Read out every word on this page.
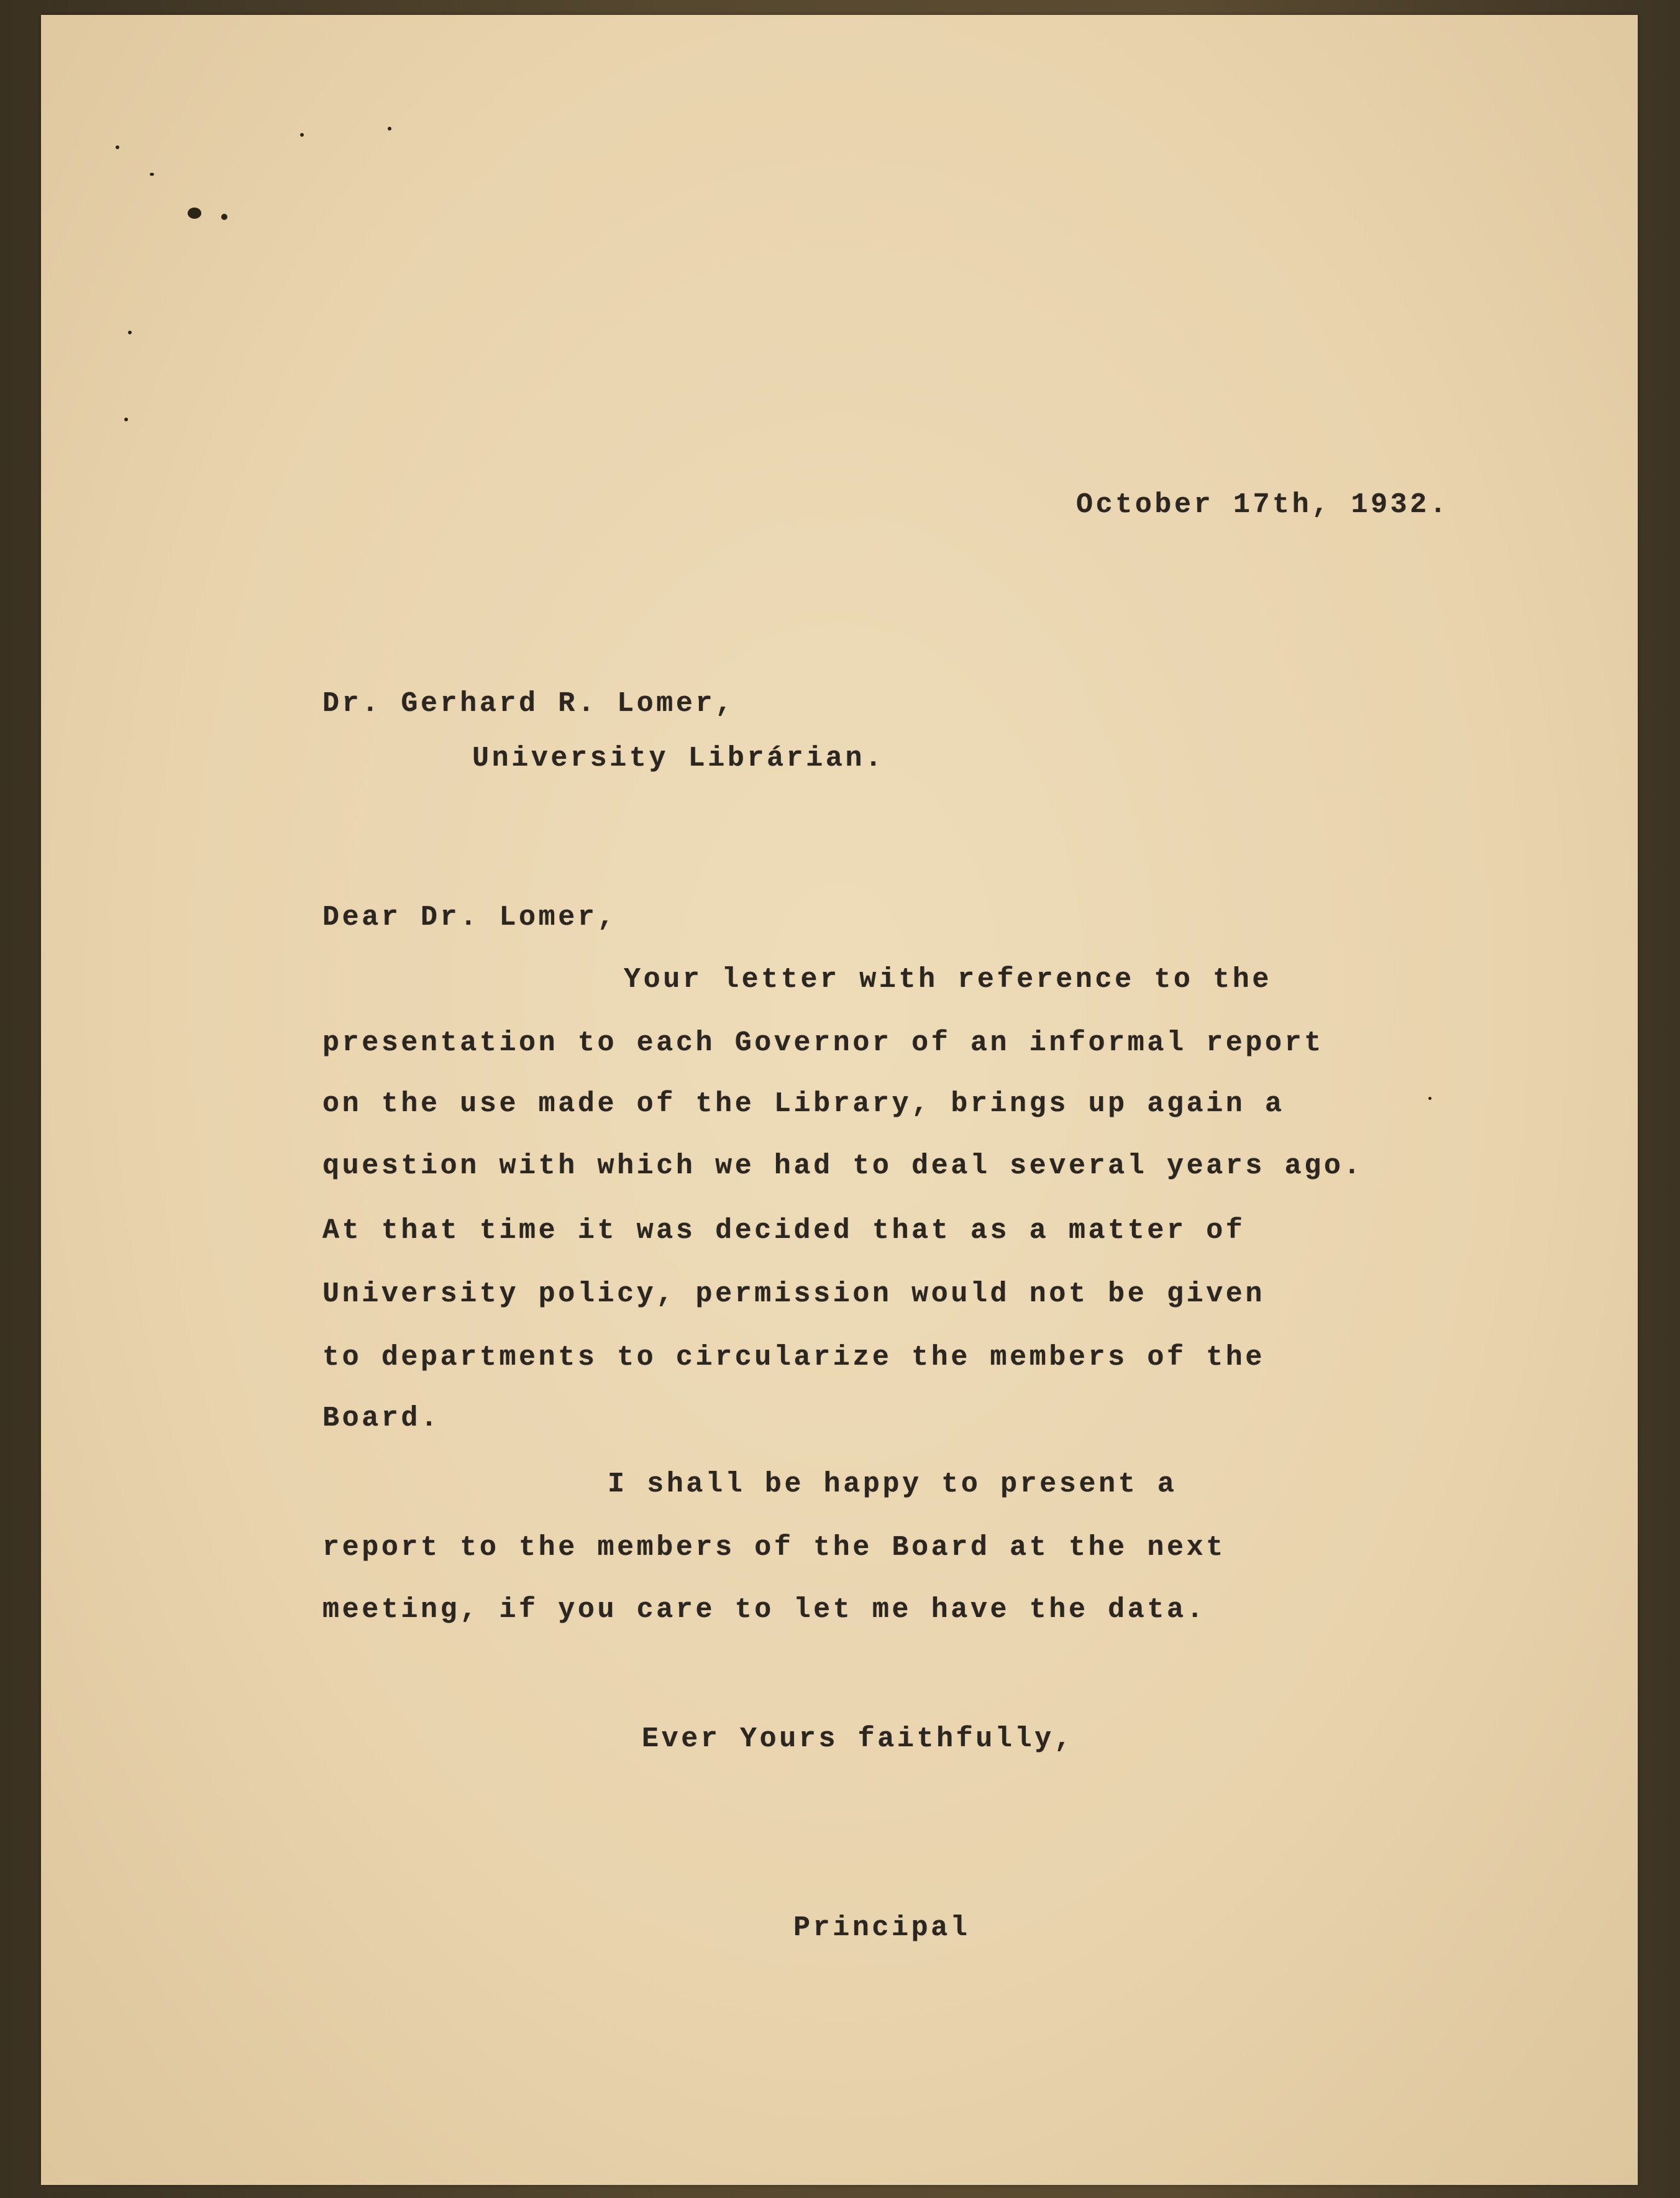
October 17th, 1932.
Dr. Gerhard R. Lomer,
University Librárian.
Dear Dr. Lomer,
Your letter with reference to the
presentation to each Governor of an informal report
on the use made of the Library, brings up again a
question with which we had to deal several years ago.
At that time it was decided that as a matter of
University policy, permission would not be given
to departments to circularize the members of the
Board.
I shall be happy to present a
report to the members of the Board at the next
meeting, if you care to let me have the data.
Ever Yours faithfully,
Principal
